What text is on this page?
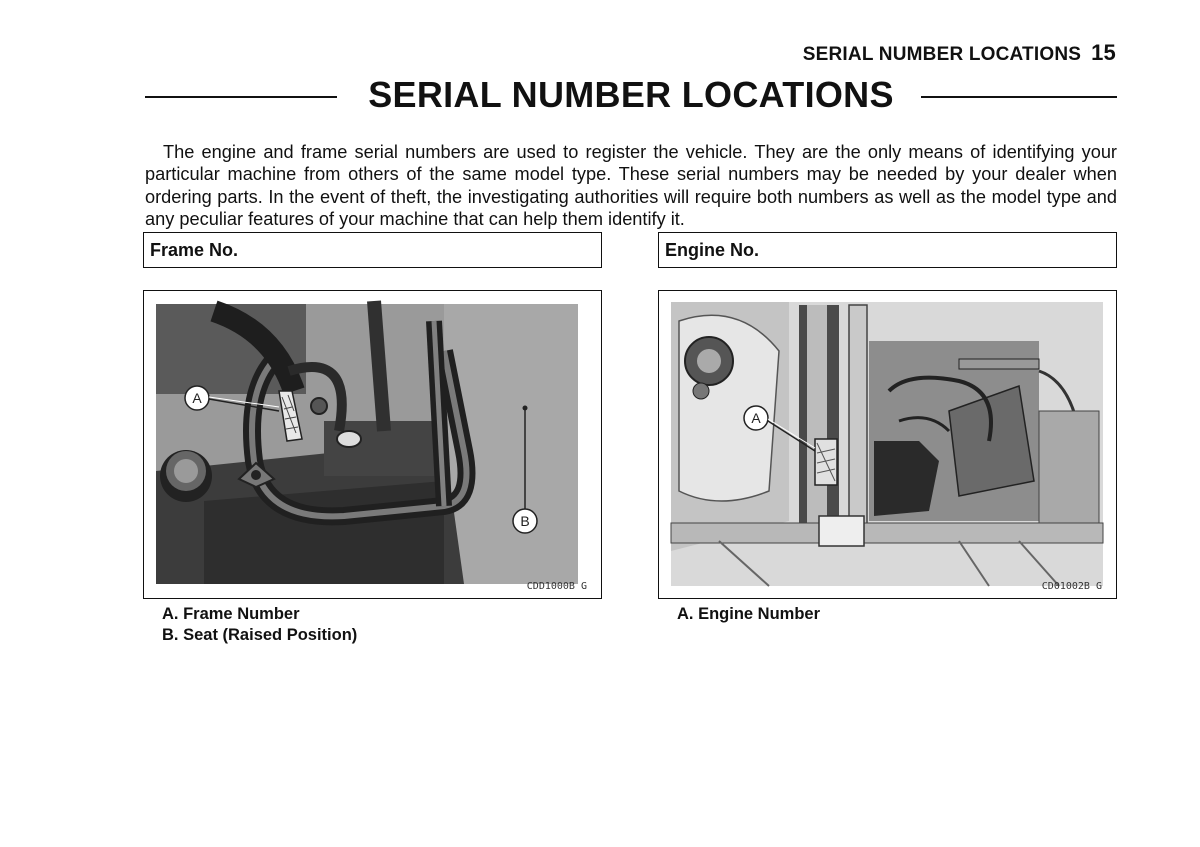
SERIAL NUMBER LOCATIONS 15
SERIAL NUMBER LOCATIONS

The engine and frame serial numbers are used to register the vehicle. They are the only means of identifying your particular machine from others of the same model type. These serial numbers may be needed by your dealer when ordering parts. In the event of theft, the investigating authorities will require both numbers as well as the model type and any peculiar features of your machine that can help them identify it.

Frame No.	Engine No.
A
B
CDD1000B G
A
CD01002B G
A. Frame Number
B. Seat (Raised Position)
A. Engine Number
